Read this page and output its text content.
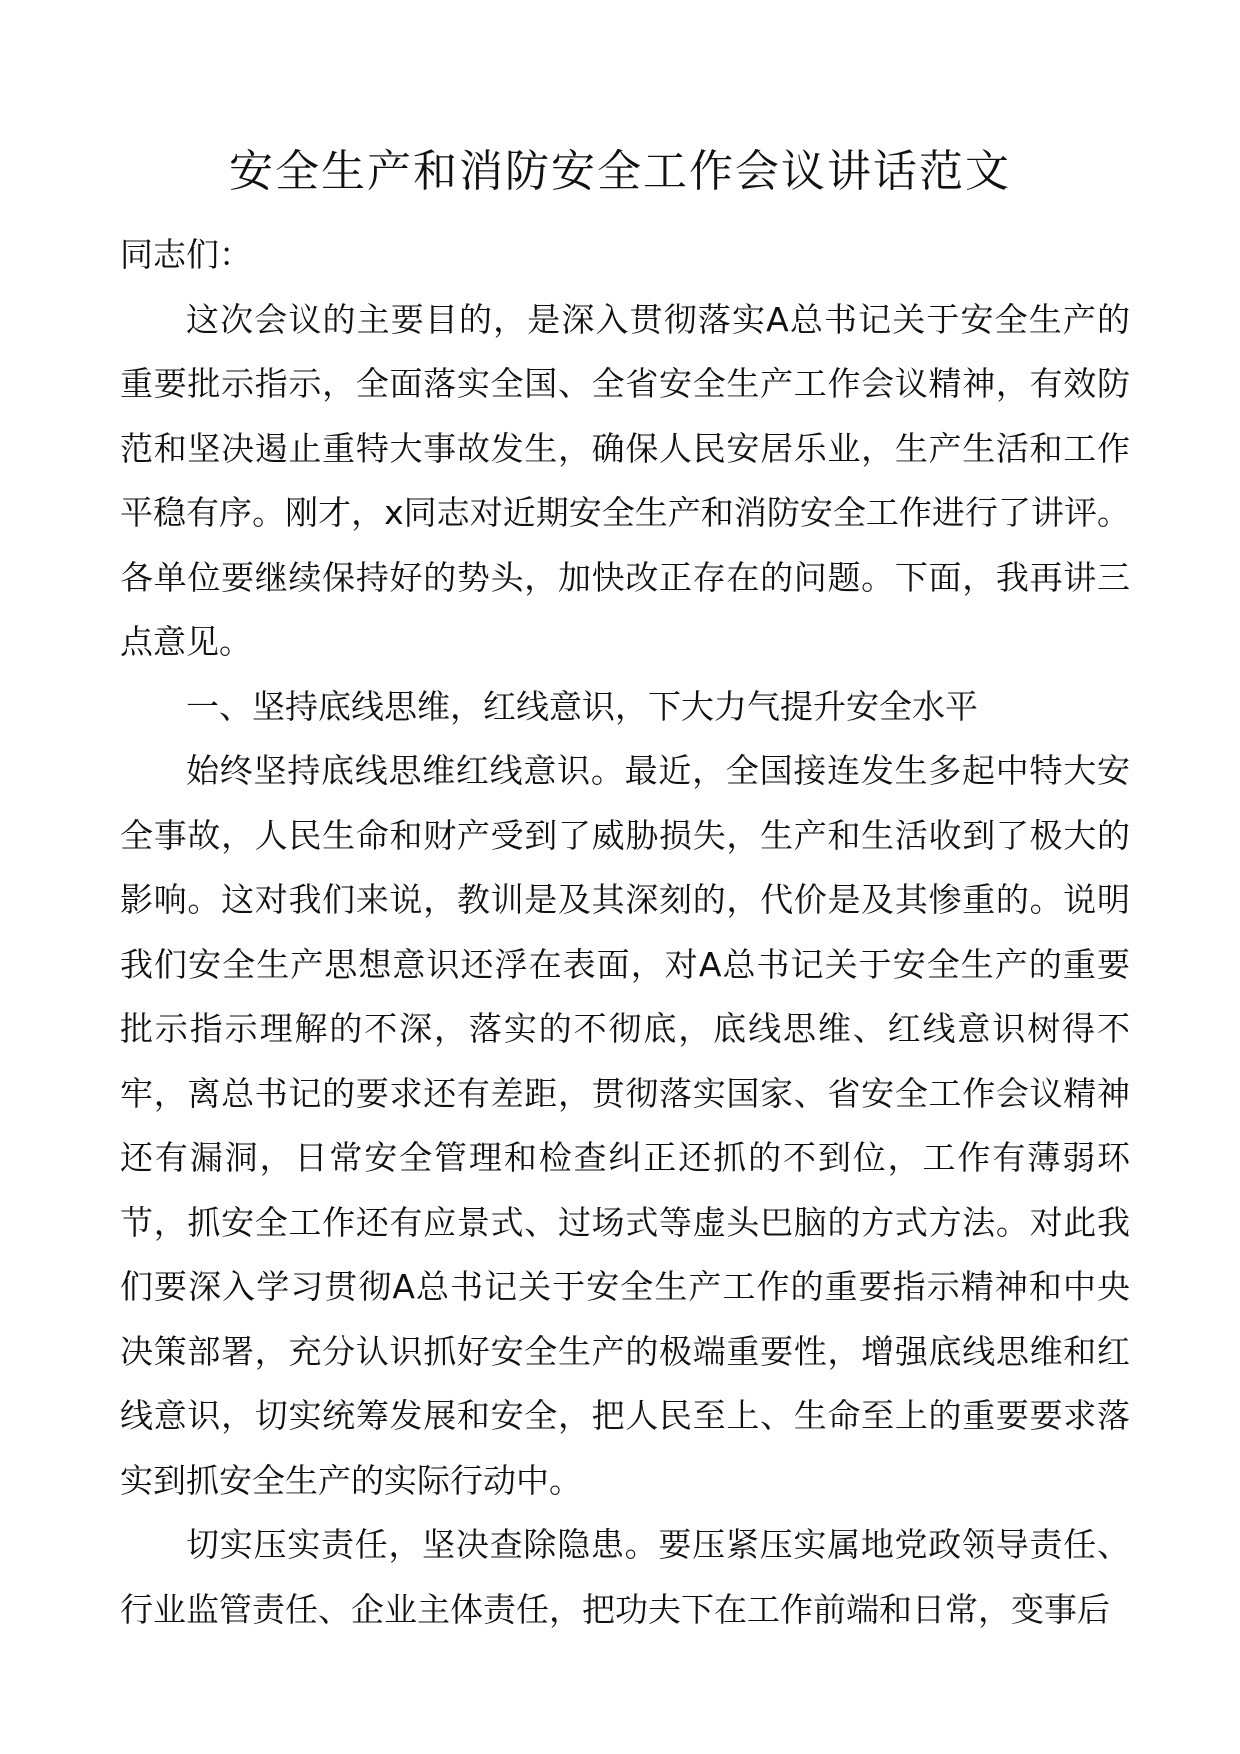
安全生产和消防安全工作会议讲话范文

同志们：

这次会议的主要目的，是深入贯彻落实A总书记关于安全生产的重要批示指示，全面落实全国、全省安全生产工作会议精神，有效防范和坚决遏止重特大事故发生，确保人民安居乐业，生产生活和工作平稳有序。刚才，x同志对近期安全生产和消防安全工作进行了讲评。各单位要继续保持好的势头，加快改正存在的问题。下面，我再讲三点意见。

一、坚持底线思维，红线意识，下大力气提升安全水平

始终坚持底线思维红线意识。最近，全国接连发生多起中特大安全事故，人民生命和财产受到了威胁损失，生产和生活收到了极大的影响。这对我们来说，教训是及其深刻的，代价是及其惨重的。说明我们安全生产思想意识还浮在表面，对A总书记关于安全生产的重要批示指示理解的不深，落实的不彻底，底线思维、红线意识树得不牢，离总书记的要求还有差距，贯彻落实国家、省安全工作会议精神还有漏洞，日常安全管理和检查纠正还抓的不到位，工作有薄弱环节，抓安全工作还有应景式、过场式等虚头巴脑的方式方法。对此我们要深入学习贯彻A总书记关于安全生产工作的重要指示精神和中央决策部署，充分认识抓好安全生产的极端重要性，增强底线思维和红线意识，切实统筹发展和安全，把人民至上、生命至上的重要要求落实到抓安全生产的实际行动中。

切实压实责任，坚决查除隐患。要压紧压实属地党政领导责任、行业监管责任、企业主体责任，把功夫下在工作前端和日常，变事后
